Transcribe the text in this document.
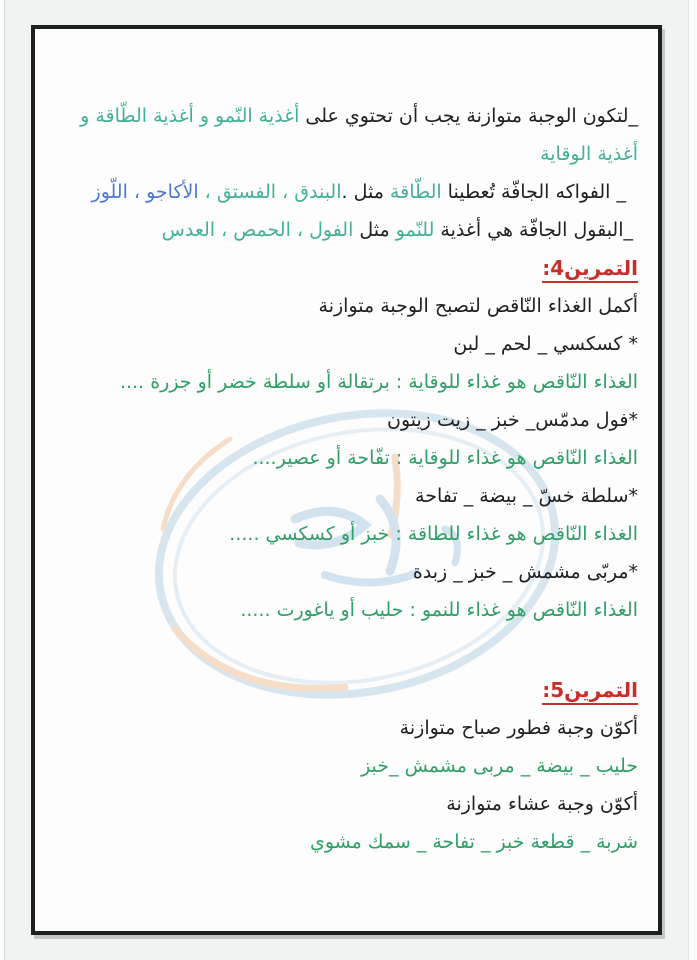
_لتكون الوجبة متوازنة يجب أن تحتوي على أغذية النّمو و أغذية الطّاقة و
أغذية الوقاية

_ الفواكه الجافّة تُعطينا الطّاقة مثل .البندق ، الفستق ، الأكاجو ، اللّوز

_البقول الجافّة هي أغذية للنّمو مثل الفول ، الحمص ، العدس

التمرين4:

أكمل الغذاء النّاقص لتصبح الوجبة متوازنة

* كسكسي _ لحم _ لبن

الغذاء النّاقص هو غذاء للوقاية : برتقالة أو سلطة خضر أو جزرة ....

*فول مدمّس_ خبز _ زيت زيتون

الغذاء النّاقص هو غذاء للوقاية : تفّاحة أو عصير....

*سلطة خسّ _ بيضة _ تفاحة

الغذاء النّاقص هو غذاء للطاقة : خبز أو كسكسي .....

*مربّى مشمش _ خبز _ زبدة

الغذاء النّاقص هو غذاء للنمو : حليب أو ياغورت .....

التمرين5:

أكوّن وجبة فطور صباح متوازنة

حليب _ بيضة _ مربى مشمش _خبز

أكوّن وجبة عشاء متوازنة

شربة _ قطعة خبز _ تفاحة _ سمك مشوي
